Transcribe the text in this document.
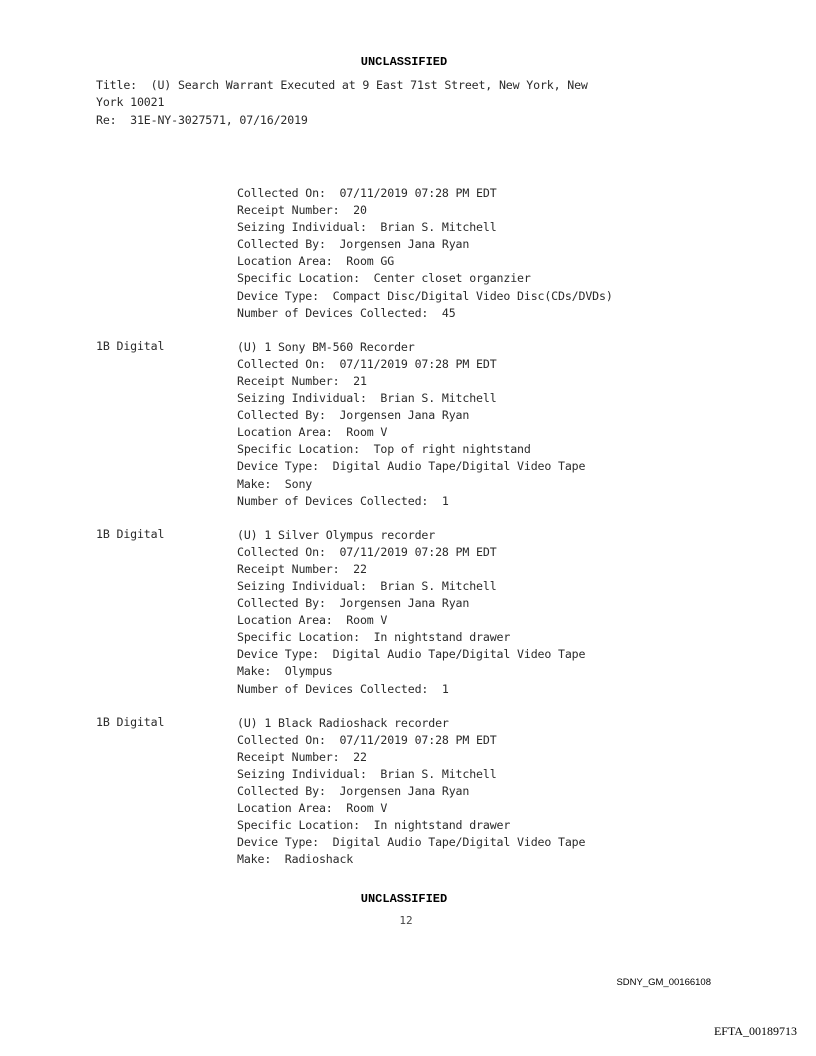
UNCLASSIFIED
Title:  (U) Search Warrant Executed at 9 East 71st Street, New York, New
York 10021
Re:  31E-NY-3027571, 07/16/2019
Collected On:  07/11/2019 07:28 PM EDT
Receipt Number:  20
Seizing Individual:  Brian S. Mitchell
Collected By:  Jorgensen Jana Ryan
Location Area:  Room GG
Specific Location:  Center closet organzier
Device Type:  Compact Disc/Digital Video Disc(CDs/DVDs)
Number of Devices Collected:  45
1B Digital	(U) 1 Sony BM-560 Recorder
Collected On:  07/11/2019 07:28 PM EDT
Receipt Number:  21
Seizing Individual:  Brian S. Mitchell
Collected By:  Jorgensen Jana Ryan
Location Area:  Room V
Specific Location:  Top of right nightstand
Device Type:  Digital Audio Tape/Digital Video Tape
Make:  Sony
Number of Devices Collected:  1
1B Digital	(U) 1 Silver Olympus recorder
Collected On:  07/11/2019 07:28 PM EDT
Receipt Number:  22
Seizing Individual:  Brian S. Mitchell
Collected By:  Jorgensen Jana Ryan
Location Area:  Room V
Specific Location:  In nightstand drawer
Device Type:  Digital Audio Tape/Digital Video Tape
Make:  Olympus
Number of Devices Collected:  1
1B Digital	(U) 1 Black Radioshack recorder
Collected On:  07/11/2019 07:28 PM EDT
Receipt Number:  22
Seizing Individual:  Brian S. Mitchell
Collected By:  Jorgensen Jana Ryan
Location Area:  Room V
Specific Location:  In nightstand drawer
Device Type:  Digital Audio Tape/Digital Video Tape
Make:  Radioshack
UNCLASSIFIED
12
SDNY_GM_00166108
EFTA_00189713
